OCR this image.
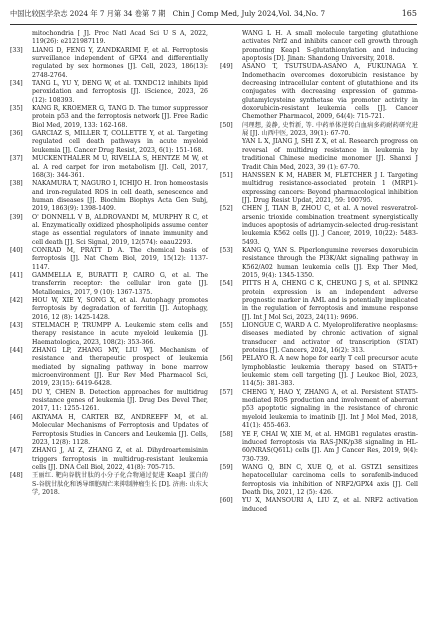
中国比较医学杂志 2024 年 7 月第 34 卷第 7 期　Chin J Comp Med, July 2024,Vol. 34,No. 7	165
mitochondria [ J]. Proc Natl Acad Sci U S A, 2022, 119(26): e2121987119.
[33]	LIANG D, FENG Y, ZANDKARIMI F, et al. Ferroptosis surveillance independent of GPX4 and differentially regulated by sex hormones [J]. Cell, 2023, 186(13): 2748-2764.
[34]	TANG L, YU Y, DENG W, et al. TXNDC12 inhibits lipid peroxidation and ferroptosis [J]. iScience, 2023, 26 (12): 108393.
[35]	KANG R, KROEMER G, TANG D. The tumor suppressor protein p53 and the ferroptosis network [J]. Free Radic Biol Med, 2019, 133: 162-168.
[36]	GARCIAZ S, MILLER T, COLLETTE Y, et al. Targeting regulated cell death pathways in acute myeloid leukemia [J]. Cancer Drug Resist, 2023, 6(1): 151-168.
[37]	MUCKENTHALER M U, RIVELLA S, HENTZE M W, et al. A red carpet for iron metabolism [J]. Cell, 2017, 168(3): 344-361.
[38]	NAKAMURA T, NAGURO I, ICHIJO H. Iron homeostasis and iron-regulated ROS in cell death, senescence and human diseases [J]. Biochim Biophys Acta Gen Subj, 2019, 1863(9): 1398-1409.
[39]	O' DONNELL V B, ALDROVANDI M, MURPHY R C, et al. Enzymatically oxidized phospholipids assume center stage as essential regulators of innate immunity and cell death [J]. Sci Signal, 2019, 12(574): eaau2293.
[40]	CONRAD M, PRATT D A. The chemical basis of ferroptosis [J]. Nat Chem Biol, 2019, 15(12): 1137-1147.
[41]	GAMMELLA E, BURATTI P, CAIRO G, et al. The transferrin receptor: the cellular iron gate [J]. Metallomics, 2017, 9 (10): 1367-1375.
[42]	HOU W, XIE Y, SONG X, et al. Autophagy promotes ferroptosis by degradation of ferritin [J]. Autophagy, 2016, 12 (8): 1425-1428.
[43]	STELMACH P, TRUMPP A. Leukemic stem cells and therapy resistance in acute myeloid leukemia [J]. Haematologica, 2023, 108(2): 353-366.
[44]	ZHANG LP, ZHANG MY, LIU WJ. Mechanism of resistance and therapeutic prospect of leukemia mediated by signaling pathway in bone marrow microenvironment [J]. Eur Rev Med Pharmacol Sci, 2019, 23(15): 6419-6428.
[45]	DU Y, CHEN B. Detection approaches for multidrug resistance genes of leukemia [J]. Drug Des Devel Ther, 2017, 11: 1255-1261.
[46]	AKIYAMA H, CARTER BZ, ANDREEFF M, et al. Molecular Mechanisms of Ferroptosis and Updates of Ferroptosis Studies in Cancers and Leukemia [J]. Cells, 2023, 12(8): 1128.
[47]	ZHANG J, AI Z, ZHANG Z, et al. Dihydroartemisinin triggers ferroptosis in multidrug-resistant leukemia cells [J]. DNA Cell Biol, 2022, 41(8): 705-715.
[48]	王丽红. 靶向谷胱甘肽的小分子化合物通过促进 Keap1 蛋白的 S-谷胱甘肽化和诱导细胞凋亡来抑制肿瘤生长 [D]. 济南: 山东大学, 2018.
WANG L H. A small molecule targeting glutathione activates Nrf2 and inhibits cancer cell growth through promoting Keap1 S-glutathionylation and inducing apoptosis [D]. Jinan: Shandong University, 2018.
[49]	ASANO T, TSUTSUDA-ASANO A, FUKUNAGA Y. Indomethacin overcomes doxorubicin resistance by decreasing intracellular content of glutathione and its conjugates with decreasing expression of gamma-glutamylcysteine synthetase via promoter activity in doxorubicin-resistant leukemia cells [J]. Cancer Chemother Pharmacol, 2009, 64(4): 715-721.
[50]	闫理想, 姜静, 史哲新, 等. 中药单体逆转白血病多药耐药研究进展 [J]. 山西中医, 2023, 39(1): 67-70.
YAN L X, JIANG J, SHI Z X, et al. Research progress on reversal of multidrug resistance in leukemia by traditional Chinese medicine monomer [J]. Shanxi J Tradit Chin Med, 2023, 39 (1): 67-70.
[51]	HANSSEN K M, HABER M, FLETCHER J I. Targeting multidrug resistance-associated protein 1 (MRP1)-expressing cancers: Beyond pharmacological inhibition [J]. Drug Resist Updat, 2021, 59: 100795.
[52]	CHEN J, TIAN B, ZHOU C, et al. A novel resveratrol-arsenic trioxide combination treatment synergistically induces apoptosis of adriamycin-selected drug-resistant leukemia K562 cells [J]. J Cancer, 2019, 10(22): 5483-5493.
[53]	KANG Q, YAN S. Piperlongumine reverses doxorubicin resistance through the PI3K/Akt signaling pathway in K562/A02 human leukemia cells [J]. Exp Ther Med, 2015, 9(4): 1345-1350.
[54]	PITTS H A, CHENG C K, CHEUNG J S, et al. SPINK2 protein expression is an independent adverse prognostic marker in AML and is potentially implicated in the regulation of ferroptosis and immune response [J]. Int J Mol Sci, 2023, 24(11): 9696.
[55]	LIONGUE C, WARD A C. Myeloproliferative neoplasms: diseases mediated by chronic activation of signal transducer and activator of transcription (STAT) proteins [J]. Cancers, 2024, 16(2): 313.
[56]	PELAYO R. A new hope for early T cell precursor acute lymphoblastic leukemia therapy based on STAT5+ leukemic stem cell targeting [J]. J Leukoc Biol, 2023, 114(5): 381-383.
[57]	CHENG Y, HAO Y, ZHANG A, et al. Persistent STAT5-mediated ROS production and involvement of aberrant p53 apoptotic signaling in the resistance of chronic myeloid leukemia to imatinib [J]. Int J Mol Med, 2018, 41(1): 455-463.
[58]	YE F, CHAI W, XIE M, et al. HMGB1 regulates erastin-induced ferroptosis via RAS-JNK/p38 signaling in HL-60/NRAS(Q61L) cells [J]. Am J Cancer Res, 2019, 9(4): 730-739.
[59]	WANG Q, BIN C, XUE Q, et al. GSTZ1 sensitizes hepatocellular carcinoma cells to sorafenib-induced ferroptosis via inhibition of NRF2/GPX4 axis [J]. Cell Death Dis, 2021, 12 (5): 426.
[60]	YU X, MANSOURI A, LIU Z, et al. NRF2 activation induced
